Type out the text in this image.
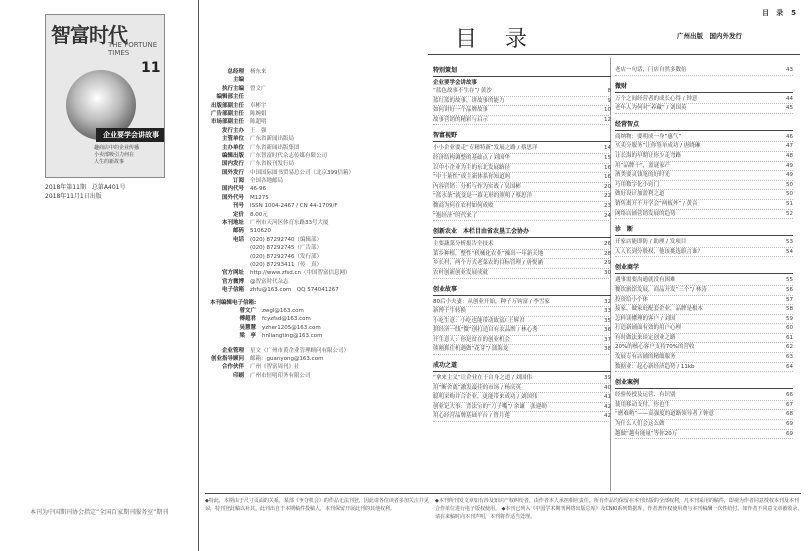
智富时代
THE FORTUNE TIMES
11
企业要学会讲故事
趣商店中的企业传播
小卖部吸引力何在
人生的新故事
2018年第11期　总第A401号
2018年11月1日出版
本刊为中国期刊协会指定“全国百家期刊服务室”期刊
总经理 杨东来
主编
执行主编 曾文广
编辑部主任
出版部副主任 卓彬宇
广告部副主任 陈婉娟
市场部副主任 陈超明
发行主办 王　强
主管单位 广东省新闻出版局
主办单位 广东省新闻出版集团
编辑出版 广东智富时代杂志传媒有限公司
国内发行 广东省报刊发行局
国外发行 中国国际图书贸易总公司（北京399信箱）
订阅 全国各地邮局
国内代号 46-96
国外代号 M1275
刊号 ISSN 1004-2467 / CN 44-1709/F
定价 8.00元
本刊地址 广州市天河区体育东路33号大厦
邮码 510620
电话 (020) 87292740（编辑部）
(020) 87292745（广告部）
(020) 87292746（发行部）
(020) 87293411（传　真）
官方网址 http://www.zfsd.cn（中国智富信息网）
官方微博 @智富时代杂志
电子信箱 zhfu@163.com　QQ 574041267
本刊编辑电子信箱:
曾文广 zwgl@163.com
傅超君 fcyzfsd@163.com
吴慧慧 yzher1205@163.com
梁　亭 hnliangting@163.com
企业管理 星文（广州市黄企业管理顾问有限公司）
创业指导顾问 邮箱：guanyong@163.com
合作伙伴 广州《智富周刊》社
印刷 广州市恒明印务有限公司
目　录 5
目录	广州出版　国内外发行
特别策划
企业要学会讲故事
“蓝色故事不生存”/ 黄沙	8
蓝红蓝的故事，讲故事的能力	9
如何讲好一个品牌故事	10
故事营销的精彩与启示	12
智富视野
小小企业要走“专精特新”发展之路 / 蔡思洋	14
经济结构调整的基础点 / 刘国华	15
以中小企业为主的东北发展路径	16
“中十量性”成主新体系你知道吗	16
内容营销：分析与作为实战 / 吴国彬	20
“蓝水条”就变是一幕无形的照明 / 蔡思洋	22
微商为何在农村如何成败	23
“抱经济”时代来了	24
创新农业　本栏目由省农垦工会协办
主要蔬菜分析报告全技术	26
菜乡种植，整性“机械化农业”操出一年新天地	28
乡长村，两个方式老菜农的目标管理 / 唐悦涵	29
农村创新创业发展成就	30
创业故事
80后小夫妻：从创业开始，种子万钧富 / 李雪家	32
新博千牛转换	33
小吃生意：小吃也能带动致富/ 王辉君	35
拼经济一线“微”创打造自有农品牌 / 林心秀	36
开生意人：你是贫在的创业机会	37
熊刚抓住机遇做“花芽”/ 蒲海龙	38
成功之道
“拿来主义”让企业在于自身之道 / 刘国伟	39
用“断舍离”激发最佳的市场 / 杨庆英	40
聪明采购并合企业，更能带来成功 / 刘国伟	41
创业记大事：背法宝的“刀子嘴”/ 余谦　张建勋	42
用心经营品牌基础平台 / 曾月莲	42
老店一句话，门店自然多数倍	43
微财
万个之间经营者的成长心得 / 钟意	44
老年人为何对“养藏” / 刘国英	45
经营智点
商纳物：要明成一身“惠气”	46
买卖分服务”让你签单成功 / 唐晓琳	47
让长海的早期让你少走弯路	48
用“品牌十”，盈谜家产	49
酒类要灵钱笔的好时光	49
巧用数字化小窍门	50
做好设计加盈利之道	50
销售离开不开学会“两板斧” / 黄音	51
网络店铺营销发展的趋势	52
诊　断
开家店能即防 / 助理 / 发项目	53
人人长到分股权，他该挑选职言谁？	54
创业商学
遇事需要沟通就没有困难	55
餐饮旅馆发展，商品开发“三个”/ 林涛	56
投资给小个体	57
接家、做家庭配套企业，品牌是根本	58
怎样读懂理的客户 / 刘国	59
打造新铺面有效的用户心理	60
有时做法来谈定创业之路	61
20%的核心客户支持70%的营收	62
发展专有店铺的精细服务	63
数据业：起心新经济趋势 / 11kb	64
创业案例
经验传授及运营、有识别	66
使用移动支付，你也生	67
“磨难哟”——高强度的道路领导者 / 钟意	68
为什么人们会这么做	69
越做“越有能量”等你20万	69
◆特此，本期由于尺寸页面的关系，某部《争夺机会》的作品无法刊登，因此请各位读者多加关注并见谅，特刊登此稿以补其。此刊出自于本期稿件投稿人，本刊保留开展此刊的其他权利。
◆本刊所刊发文章如有涉及知识产权纠纷者，由作者本人承担相应责任。所有作品均保留在本刊出版的全部权利，凡本刊采用的稿件，即视为作者同意授权本刊及本刊合作单位进行电子版权使用。 ◆本刊已列入《中国学术期刊网络出版总库》及CNKI系列数据库，作者著作权使用费与本刊稿酬一次性给付。如作者不同意文章被收录，请在来稿时向本刊声明，本刊将作适当处理。
